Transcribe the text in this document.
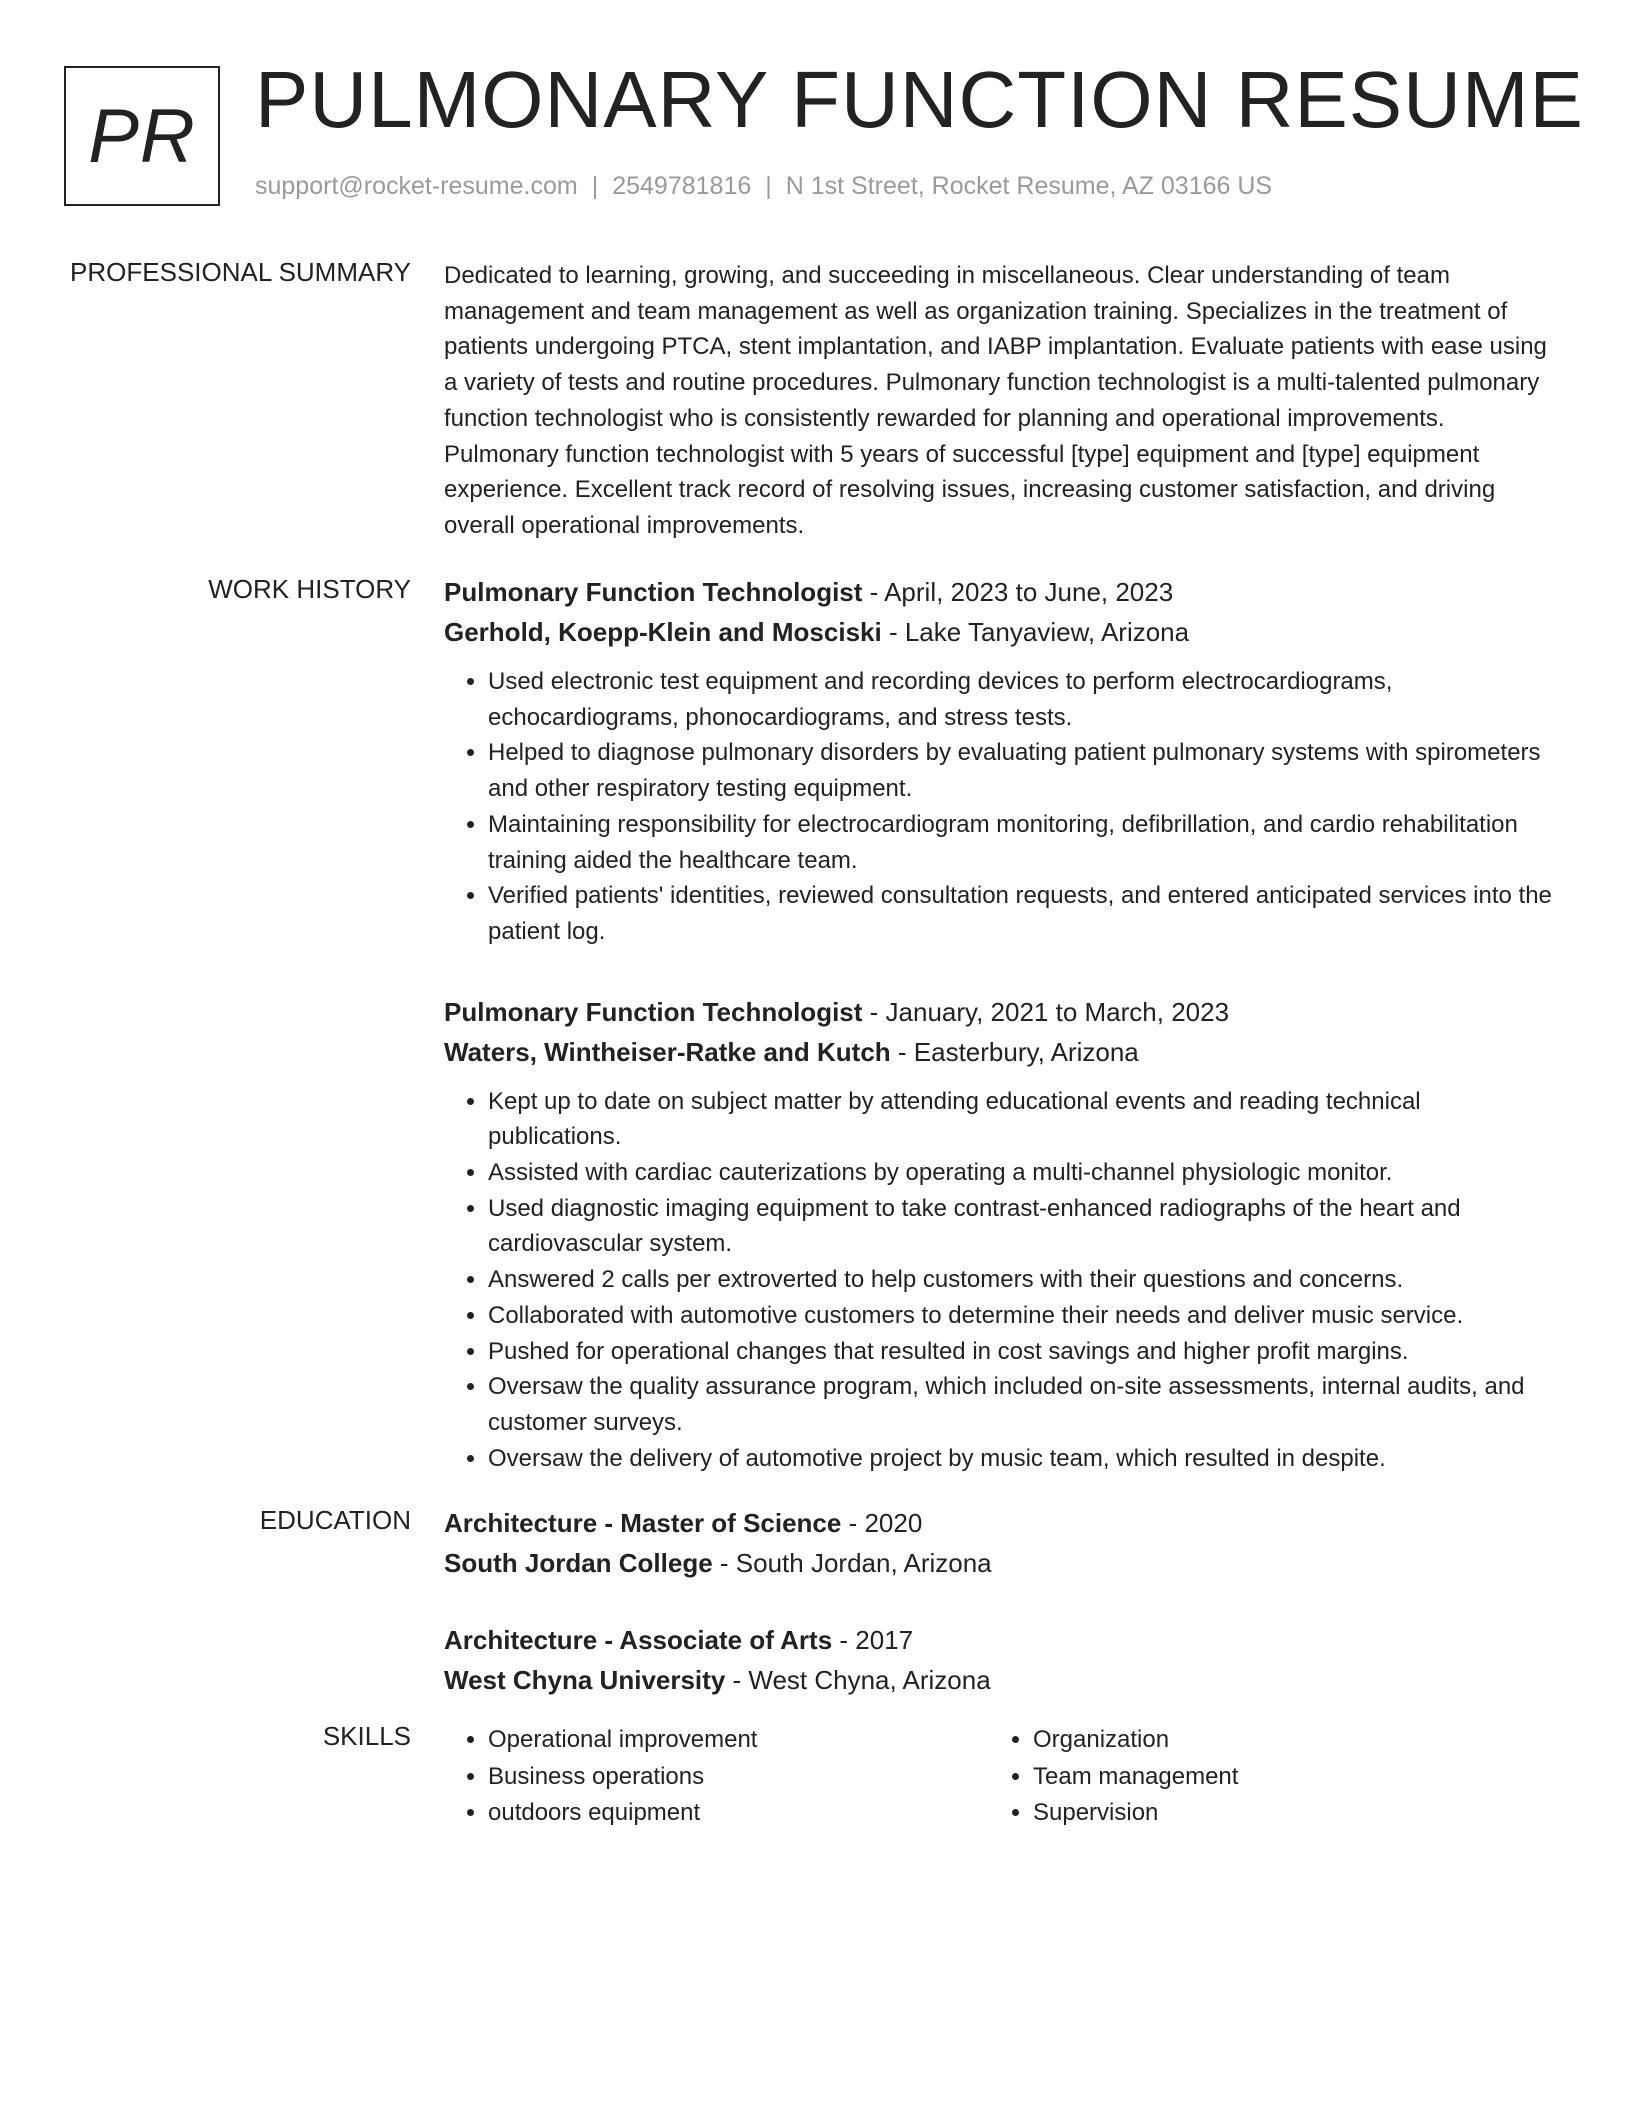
PR PULMONARY FUNCTION RESUME
support@rocket-resume.com | 2549781816 | N 1st Street, Rocket Resume, AZ 03166 US
PROFESSIONAL SUMMARY Dedicated to learning, growing, and succeeding in miscellaneous. Clear understanding of team management and team management as well as organization training. Specializes in the treatment of patients undergoing PTCA, stent implantation, and IABP implantation. Evaluate patients with ease using a variety of tests and routine procedures. Pulmonary function technologist is a multi-talented pulmonary function technologist who is consistently rewarded for planning and operational improvements. Pulmonary function technologist with 5 years of successful [type] equipment and [type] equipment experience. Excellent track record of resolving issues, increasing customer satisfaction, and driving overall operational improvements.

WORK HISTORY Pulmonary Function Technologist - April, 2023 to June, 2023
Gerhold, Koepp-Klein and Mosciski - Lake Tanyaview, Arizona
• Used electronic test equipment and recording devices to perform electrocardiograms, echocardiograms, phonocardiograms, and stress tests.
• Helped to diagnose pulmonary disorders by evaluating patient pulmonary systems with spirometers and other respiratory testing equipment.
• Maintaining responsibility for electrocardiogram monitoring, defibrillation, and cardio rehabilitation training aided the healthcare team.
• Verified patients' identities, reviewed consultation requests, and entered anticipated services into the patient log.
Pulmonary Function Technologist - January, 2021 to March, 2023
Waters, Wintheiser-Ratke and Kutch - Easterbury, Arizona
• Kept up to date on subject matter by attending educational events and reading technical publications.
• Assisted with cardiac cauterizations by operating a multi-channel physiologic monitor.
• Used diagnostic imaging equipment to take contrast-enhanced radiographs of the heart and cardiovascular system.
• Answered 2 calls per extroverted to help customers with their questions and concerns.
• Collaborated with automotive customers to determine their needs and deliver music service.
• Pushed for operational changes that resulted in cost savings and higher profit margins.
• Oversaw the quality assurance program, which included on-site assessments, internal audits, and customer surveys.
• Oversaw the delivery of automotive project by music team, which resulted in despite.
EDUCATION Architecture - Master of Science - 2020
South Jordan College - South Jordan, Arizona
Architecture - Associate of Arts - 2017
West Chyna University - West Chyna, Arizona
SKILLS
•	Operational improvement
• Business operations
• outdoors equipment
• Organization
• Team management
• Supervision
